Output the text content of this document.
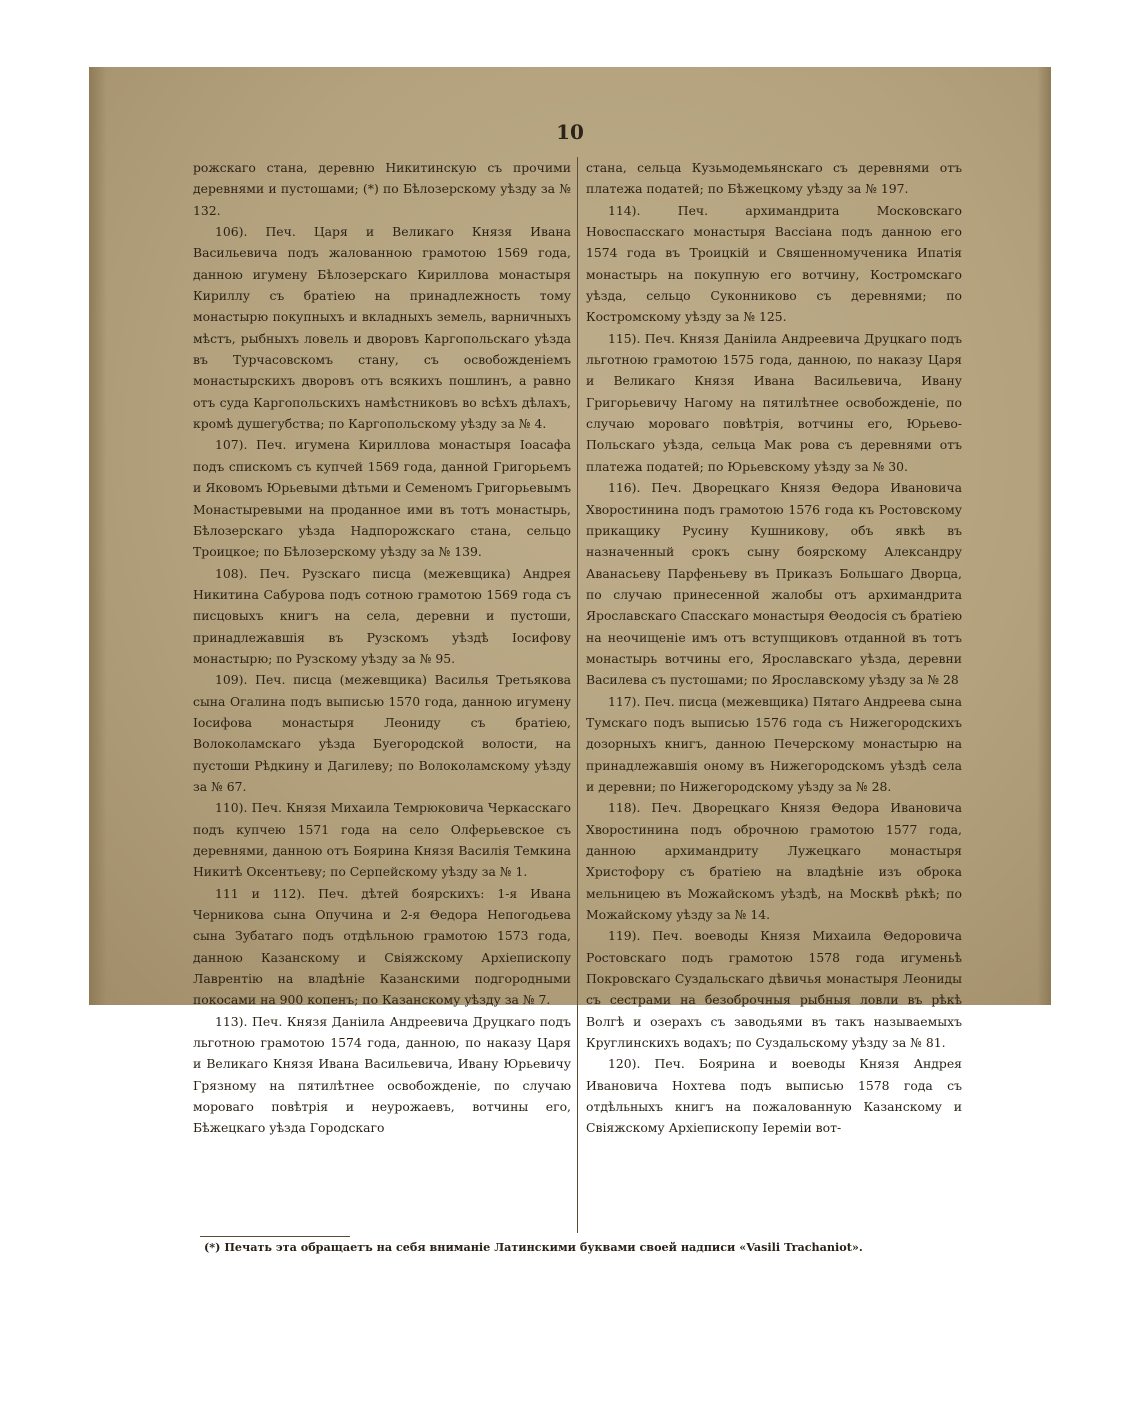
10

рожскаго стана, деревню Никитинскую съ прочими деревнями и пустошами; (*) по Бѣлозерскому уѣзду за № 132.

106). Печ. Царя и Великаго Князя Ивана Васильевича подъ жалованною грамотою 1569 года, данною игумену Бѣлозерскаго Кириллова монастыря Кириллу съ братiею на принадлежность тому монастырю покупныхъ и вкладныхъ земель, варничныхъ мѣстъ, рыбныхъ ловель и дворовъ Каргопольскаго уѣзда въ Турчасовскомъ стану, съ освобожденiемъ монастырскихъ дворовъ отъ всякихъ пошлинъ, а равно отъ суда Каргопольскихъ намѣстниковъ во всѣхъ дѣлахъ, кромѣ душегубства; по Каргопольскому уѣзду за № 4.

107). Печ. игумена Кириллова монастыря Iоасафа подъ спискомъ съ купчей 1569 года, данной Григорьемъ и Яковомъ Юрьевыми дѣтьми и Семеномъ Григорьевымъ Монастыревыми на проданное ими въ тотъ монастырь, Бѣлозерскаго уѣзда Надпорожскаго стана, сельцо Троицкое; по Бѣлозерскому уѣзду за № 139.

108). Печ. Рузскаго писца (межевщика) Андрея Никитина Сабурова подъ сотною грамотою 1569 года съ писцовыхъ книгъ на села, деревни и пустоши, принадлежавшiя въ Рузскомъ уѣздѣ Iосифову монастырю; по Рузскому уѣзду за № 95.

109). Печ. писца (межевщика) Василья Третьякова сына Огалина подъ выписью 1570 года, данною игумену Iосифова монастыря Леониду съ братiею, Волоколамскаго уѣзда Буегородской волости, на пустоши Рѣдкину и Дагилеву; по Волоколамскому уѣзду за № 67.

110). Печ. Князя Михаила Темрюковича Черкасскаго подъ купчею 1571 года на село Олферьевское съ деревнями, данною отъ Боярина Князя Василiя Темкина Никитѣ Оксентьеву; по Серпейскому уѣзду за № 1.

111 и 112). Печ. дѣтей боярскихъ: 1-я Ивана Черникова сына Опучина и 2-я Θедора Непогодьева сына Зубатаго подъ отдѣльною грамотою 1573 года, данною Казанскому и Свiяжскому Архiепископу Лаврентiю на владѣнiе Казанскими подгородными покосами на 900 копенъ; по Казанскому уѣзду за № 7.

113). Печ. Князя Данiила Андреевича Друцкаго подъ льготною грамотою 1574 года, данною, по наказу Царя и Великаго Князя Ивана Васильевича, Ивану Юрьевичу Грязному на пятилѣтнее освобожденiе, по случаю мороваго повѣтрiя и неурожаевъ, вотчины его, Бѣжецкаго уѣзда Городскаго

стана, сельца Кузьмодемьянскаго съ деревнями отъ платежа податей; по Бѣжецкому уѣзду за № 197.

114). Печ. архимандрита Московскаго Новоспасскаго монастыря Вассiана подъ данною его 1574 года въ Троицкiй и Свяшенномученика Ипатiя монастырь на покупную его вотчину, Костромскаго уѣзда, сельцо Суконниково съ деревнями; по Костромскому уѣзду за № 125.

115). Печ. Князя Данiила Андреевича Друцкаго подъ льготною грамотою 1575 года, данною, по наказу Царя и Великаго Князя Ивана Васильевича, Ивану Григорьевичу Нагому на пятилѣтнее освобожденiе, по случаю мороваго повѣтрiя, вотчины его, Юрьево-Польскаго уѣзда, сельца Мак рова съ деревнями отъ платежа податей; по Юрьевскому уѣзду за № 30.

116). Печ. Дворецкаго Князя Θедора Ивановича Хворостинина подъ грамотою 1576 года къ Ростовскому прикащику Русину Кушникову, объ явкѣ въ назначенный срокъ сыну боярскому Александру Аванасьеву Парфеньеву въ Приказъ Большаго Дворца, по случаю принесенной жалобы отъ архимандрита Ярославскаго Спасскаго монастыря Θеодосiя съ братiею на неочищенiе имъ отъ вступщиковъ отданной въ тотъ монастырь вотчины его, Ярославскаго уѣзда, деревни Василева съ пустошами; по Ярославскому уѣзду за № 28

117). Печ. писца (межевщика) Пятаго Андреева сына Тумскаго подъ выписью 1576 года съ Нижегородскихъ дозорныхъ книгъ, данною Печерскому монастырю на принадлежавшiя оному въ Нижегородскомъ уѣздѣ села и деревни; по Нижегородскому уѣзду за № 28.

118). Печ. Дворецкаго Князя Θедора Ивановича Хворостинина подъ оброчною грамотою 1577 года, данною архимандриту Лужецкаго монастыря Христофору съ братiею на владѣнiе изъ оброка мельницею въ Можайскомъ уѣздѣ, на Москвѣ рѣкѣ; по Можайскому уѣзду за № 14.

119). Печ. воеводы Князя Михаила Θедоровича Ростовскаго подъ грамотою 1578 года игуменьѣ Покровскаго Суздальскаго дѣвичья монастыря Леониды съ сестрами на безоброчныя рыбныя ловли въ рѣкѣ Волгѣ и озерахъ съ заводьями въ такъ называемыхъ Круглинскихъ водахъ; по Суздальскому уѣзду за № 81.

120). Печ. Боярина и воеводы Князя Андрея Ивановича Нохтева подъ выписью 1578 года съ отдѣльныхъ книгъ на пожалованную Казанскому и Свiяжскому Архiепископу Iеремiи вот-

(*) Печать эта обращаетъ на себя вниманiе Латинскими буквами своей надписи «Vasili Trachaniot».
